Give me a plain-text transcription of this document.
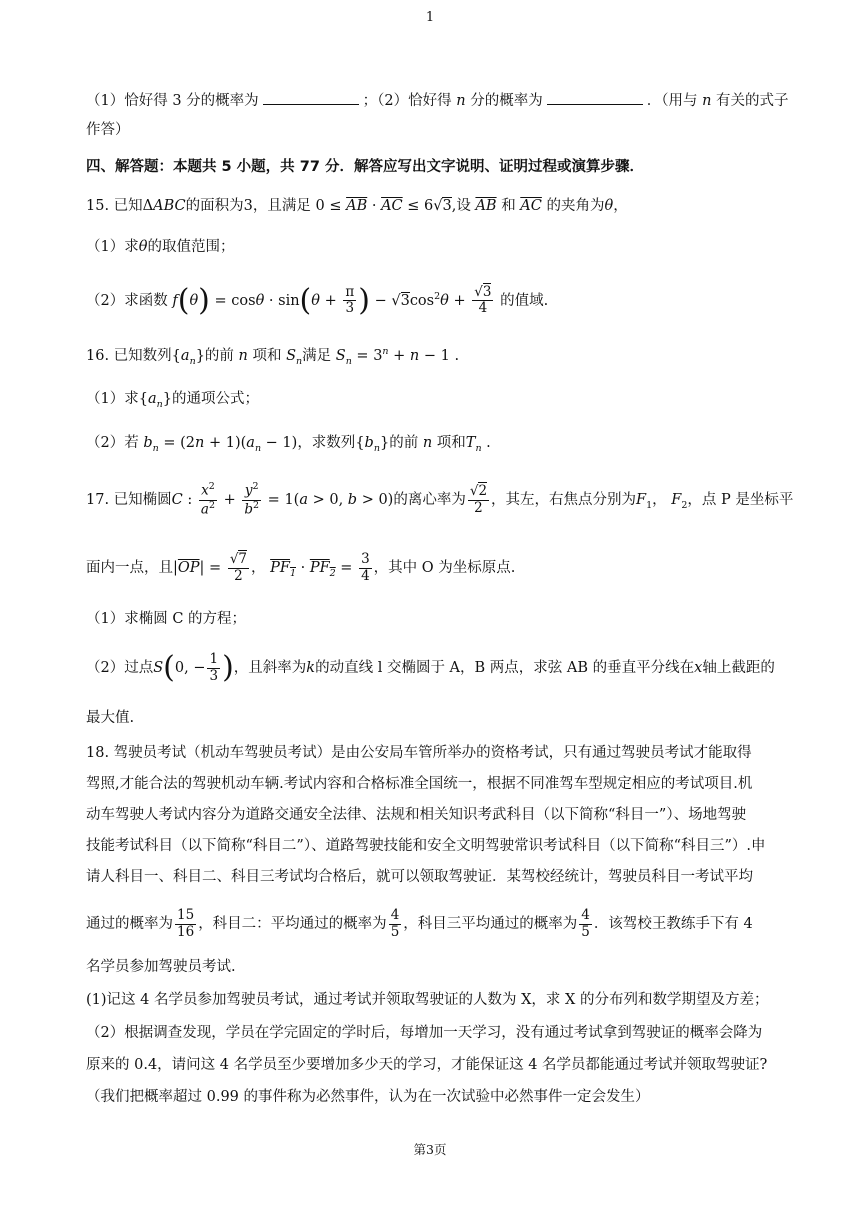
1
（1）恰好得 3 分的概率为	；（2）恰好得 n 分的概率为	．（用与 n 有关的式子
作答）
四、解答题：本题共 5 小题，共 77 分．解答应写出文字说明、证明过程或演算步骤．
15. 已知ΔABC的面积为3，且满足 $0 \le \overline{AB} \cdot \overline{AC} \le 6√3$,设 $\overline{AB}$ 和 $\overline{AC}$ 的夹角为θ，
（1）求θ的取值范围；
（2）求函数 $f(\theta) = \cos\theta \cdot \sin(\theta + \frac{\pi}{3}$ ) − $√3\cos^2\theta + \frac{√3}{4}$ 的值域.
16. 已知数列$\{a_n\}$的前 n 项和 $S_n$满足 $S_n = 3^n + n - 1$ .
（1）求$\{a_n\}$的通项公式；
（2）若 $b_n = (2n + 1)(a_n - 1)$，求数列$\{b_n\}$的前 n 项和$T_n$ .
17. 已知椭圆C : $\frac{x^2}{a^2} + \frac{y^2}{b^2} = 1(a > 0$, b > 0)的离心率为 $\frac{√2}{2}$ ，其左，右焦点分别为$F_1$， $F_2$，点 P 是坐标平
面内一点，且$|\overline{OP}| = \frac{√7}{2}$ ， $PF_1 \cdot PF_2 = \frac{3}{4}$ ，其中 O 为坐标原点.
（1）求椭圆 C 的方程；
（2）过点S(0, − $\frac{1}{3}$ )，且斜率为k的动直线 l 交椭圆于 A，B 两点，求弦 AB 的垂直平分线在x轴上截距的
最大值.
18. 驾驶员考试（机动车驾驶员考试）是由公安局车管所举办的资格考试，只有通过驾驶员考试才能取得
驾照,才能合法的驾驶机动车辆.考试内容和合格标准全国统一，根据不同准驾车型规定相应的考试项目.机
动车驾驶人考试内容分为道路交通安全法律、法规和相关知识考武科目（以下简称“科目一”）、场地驾驶
技能考试科目（以下简称“科目二”）、道路驾驶技能和安全文明驾驶常识考试科目（以下简称“科目三”）.申
请人科目一、科目二、科目三考试均合格后，就可以领取驾驶证．某驾校经统计，驾驶员科目一考试平均
通过的概率为 $\frac{15}{16}$ ，科目二：平均通过的概率为 $\frac{4}{5}$ ，科目三平均通过的概率为 $\frac{4}{5}$ ．该驾校王教练手下有 4
名学员参加驾驶员考试.
(1)记这 4 名学员参加驾驶员考试，通过考试并领取驾驶证的人数为 X，求 X 的分布列和数学期望及方差；
（2）根据调查发现，学员在学完固定的学时后，每增加一天学习，没有通过考试拿到驾驶证的概率会降为
原来的 0.4，请问这 4 名学员至少要增加多少天的学习，才能保证这 4 名学员都能通过考试并领取驾驶证?
（我们把概率超过 0.99 的事件称为必然事件，认为在一次试验中必然事件一定会发生）
第3页
